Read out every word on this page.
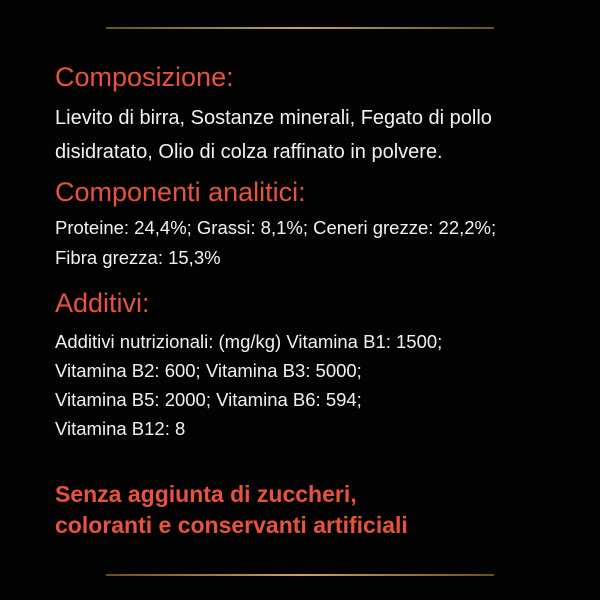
Composizione:
Lievito di birra, Sostanze minerali, Fegato di pollo
disidratato, Olio di colza raffinato in polvere.
Componenti analitici:
Proteine: 24,4%; Grassi: 8,1%; Ceneri grezze: 22,2%;
Fibra grezza: 15,3%
Additivi:
Additivi nutrizionali: (mg/kg) Vitamina B1: 1500;
Vitamina B2: 600; Vitamina B3: 5000;
Vitamina B5: 2000; Vitamina B6: 594;
Vitamina B12: 8
Senza aggiunta di zuccheri,
coloranti e conservanti artificiali
